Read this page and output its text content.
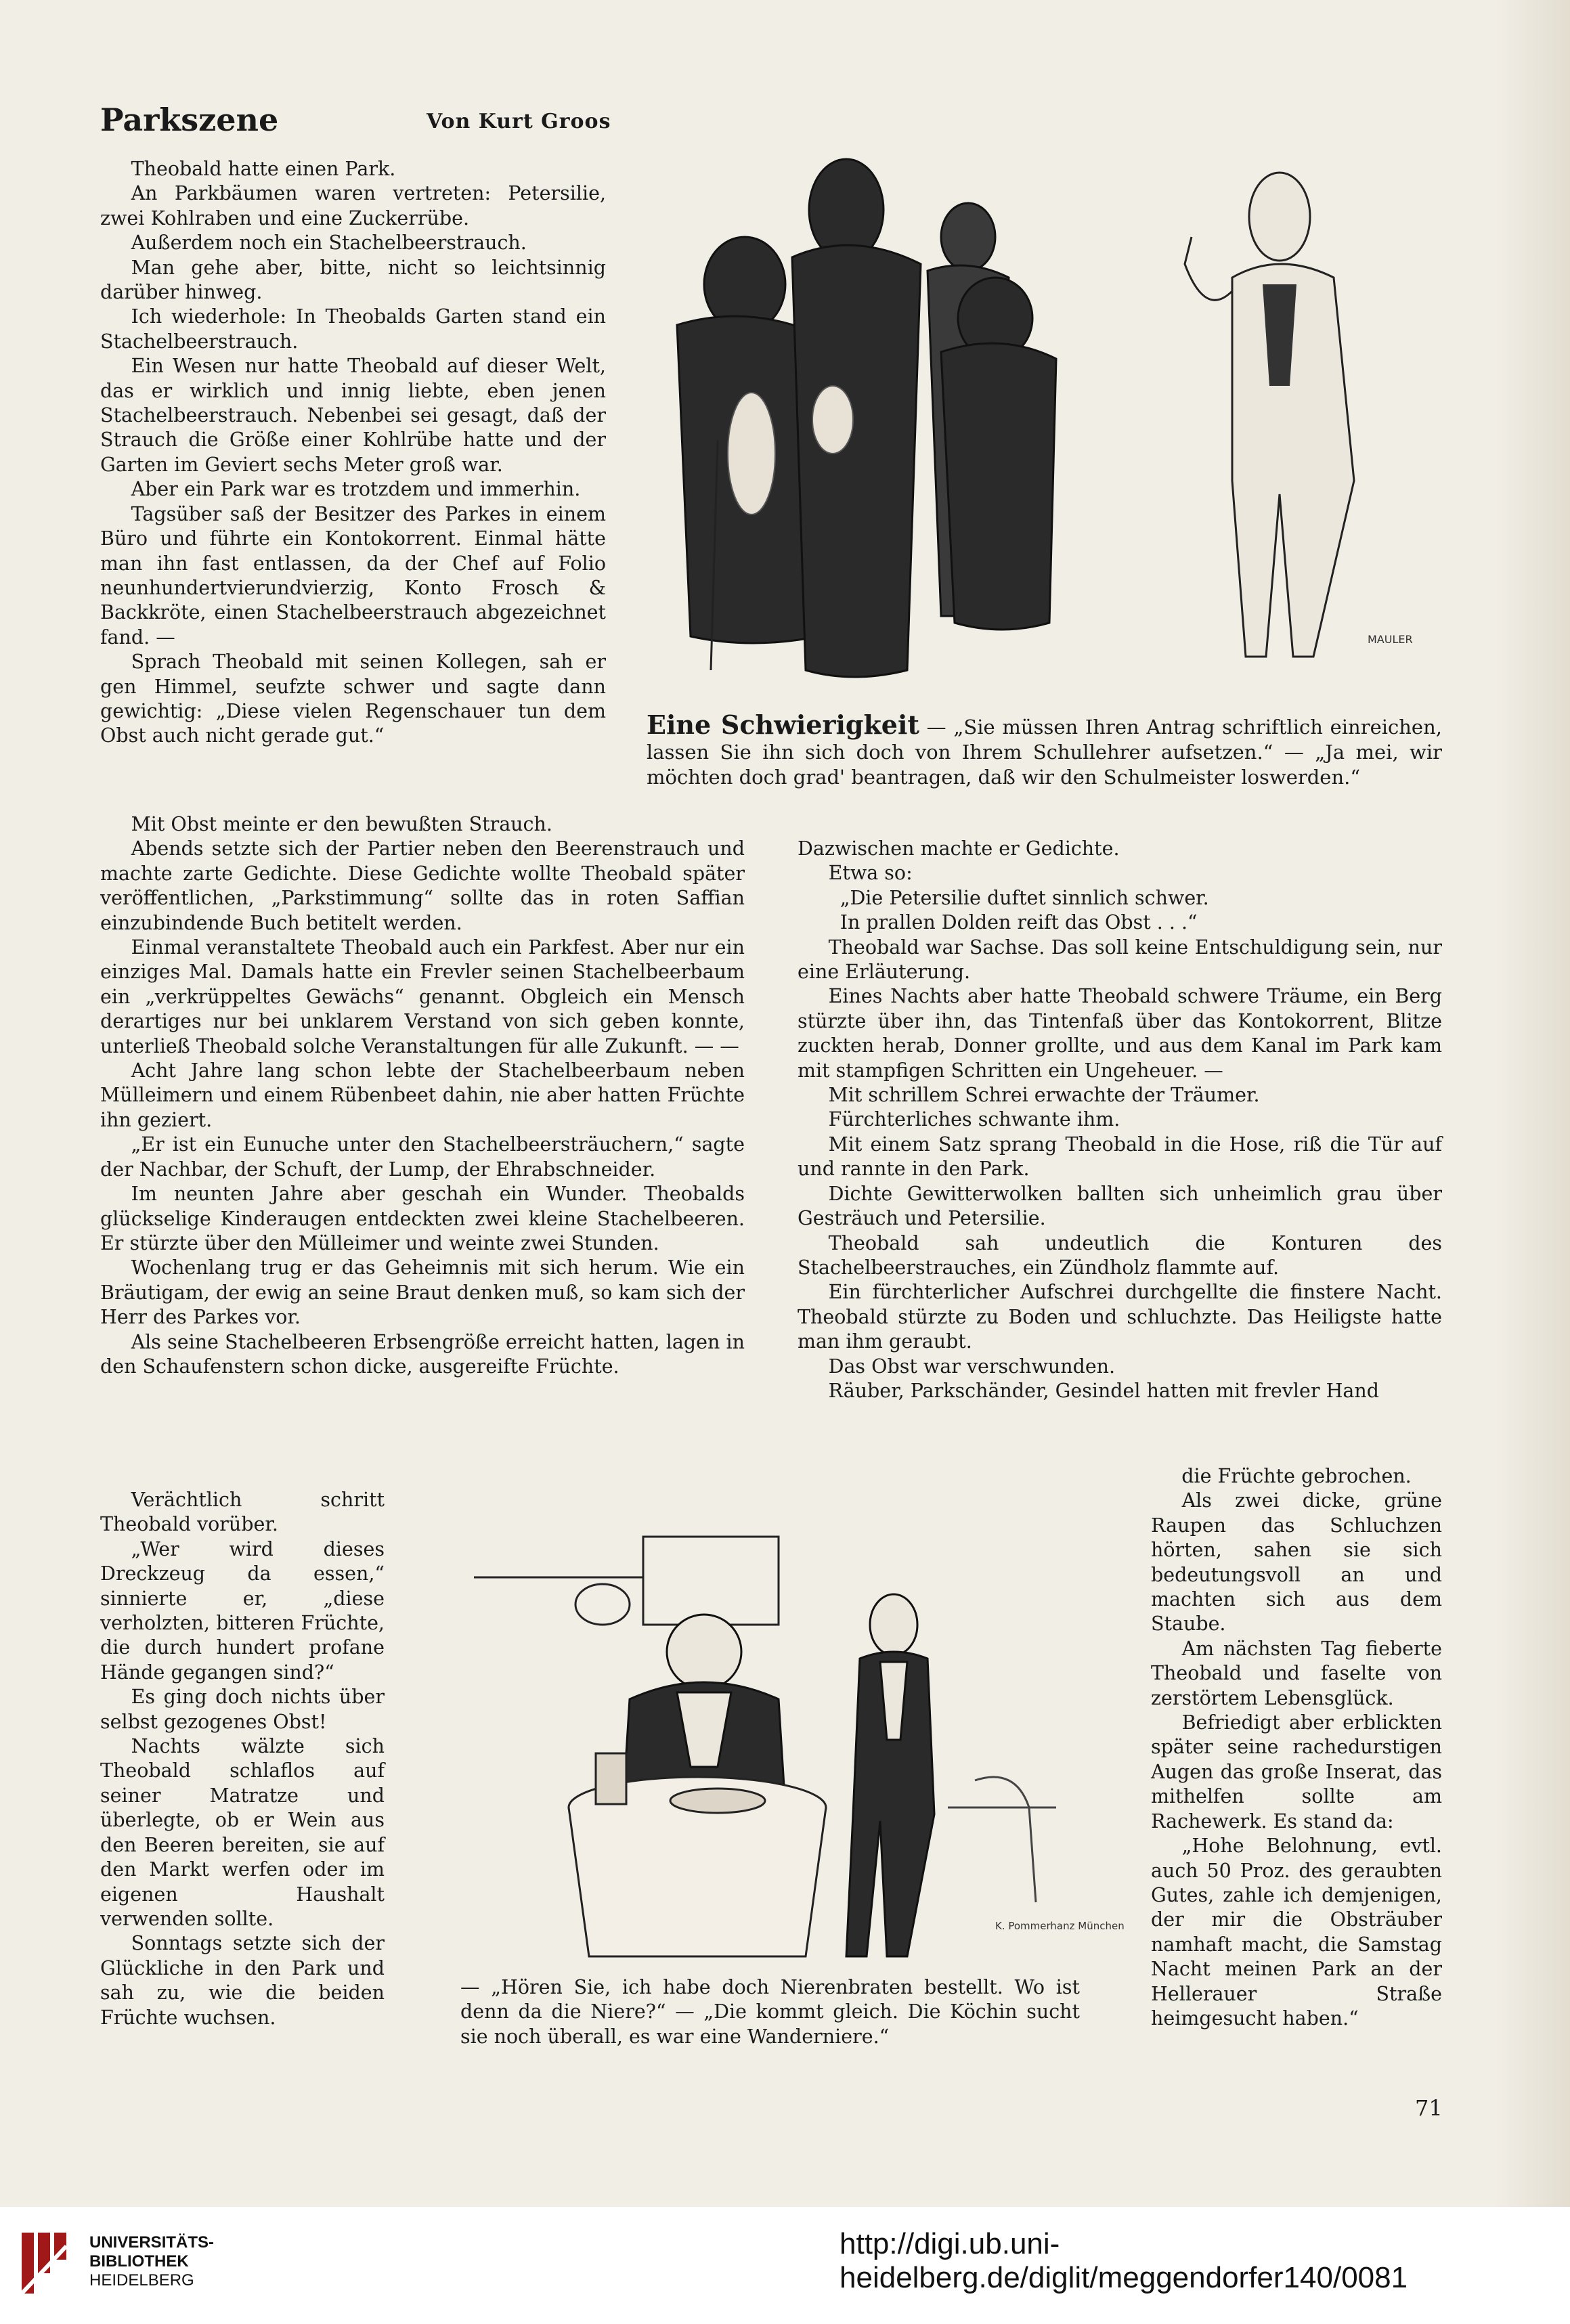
Parkszene	Von Kurt Groos

Theobald hatte einen Park.

An Parkbäumen waren vertreten: Petersilie, zwei Kohlraben und eine Zuckerrübe.

Außerdem noch ein Stachelbeerstrauch.

Man gehe aber, bitte, nicht so leichtsinnig darüber hinweg.

Ich wiederhole: In Theobalds Garten stand ein Stachelbeerstrauch.

Ein Wesen nur hatte Theobald auf dieser Welt, das er wirklich und innig liebte, eben jenen Stachelbeerstrauch. Nebenbei sei gesagt, daß der Strauch die Größe einer Kohlrübe hatte und der Garten im Geviert sechs Meter groß war.

Aber ein Park war es trotzdem und immerhin.

Tagsüber saß der Besitzer des Parkes in einem Büro und führte ein Kontokorrent. Einmal hätte man ihn fast entlassen, da der Chef auf Folio neunhundertvierundvierzig, Konto Frosch & Backkröte, einen Stachelbeerstrauch abgezeichnet fand. —

Sprach Theobald mit seinen Kollegen, sah er gen Himmel, seufzte schwer und sagte dann gewichtig: „Diese vielen Regenschauer tun dem Obst auch nicht gerade gut.“

MAULER
Eine Schwierigkeit — „Sie müssen Ihren Antrag schriftlich einreichen, lassen Sie ihn sich doch von Ihrem Schullehrer aufsetzen.“ — „Ja mei, wir möchten doch grad' beantragen, daß wir den Schulmeister loswerden.“

Mit Obst meinte er den bewußten Strauch.

Abends setzte sich der Partier neben den Beerenstrauch und machte zarte Gedichte. Diese Gedichte wollte Theobald später veröffentlichen, „Parkstimmung“ sollte das in roten Saffian einzubindende Buch betitelt werden.

Einmal veranstaltete Theobald auch ein Parkfest. Aber nur ein einziges Mal. Damals hatte ein Frevler seinen Stachelbeerbaum ein „verkrüppeltes Gewächs“ genannt. Obgleich ein Mensch derartiges nur bei unklarem Verstand von sich geben konnte, unterließ Theobald solche Veranstaltungen für alle Zukunft. — —

Acht Jahre lang schon lebte der Stachelbeerbaum neben Mülleimern und einem Rübenbeet dahin, nie aber hatten Früchte ihn geziert.

„Er ist ein Eunuche unter den Stachelbeersträuchern,“ sagte der Nachbar, der Schuft, der Lump, der Ehrabschneider.

Im neunten Jahre aber geschah ein Wunder. Theobalds glückselige Kinderaugen entdeckten zwei kleine Stachelbeeren. Er stürzte über den Mülleimer und weinte zwei Stunden.

Wochenlang trug er das Geheimnis mit sich herum. Wie ein Bräutigam, der ewig an seine Braut denken muß, so kam sich der Herr des Parkes vor.

Als seine Stachelbeeren Erbsengröße erreicht hatten, lagen in den Schaufenstern schon dicke, ausgereifte Früchte.

Dazwischen machte er Gedichte.

Etwa so:

„Die Petersilie duftet sinnlich schwer.

In prallen Dolden reift das Obst . . .“

Theobald war Sachse. Das soll keine Entschuldigung sein, nur eine Erläuterung.

Eines Nachts aber hatte Theobald schwere Träume, ein Berg stürzte über ihn, das Tintenfaß über das Kontokorrent, Blitze zuckten herab, Donner grollte, und aus dem Kanal im Park kam mit stampfigen Schritten ein Ungeheuer. —

Mit schrillem Schrei erwachte der Träumer.

Fürchterliches schwante ihm.

Mit einem Satz sprang Theobald in die Hose, riß die Tür auf und rannte in den Park.

Dichte Gewitterwolken ballten sich unheimlich grau über Gesträuch und Petersilie.

Theobald sah undeutlich die Konturen des Stachelbeerstrauches, ein Zündholz flammte auf.

Ein fürchterlicher Aufschrei durchgellte die finstere Nacht. Theobald stürzte zu Boden und schluchzte. Das Heiligste hatte man ihm geraubt.

Das Obst war verschwunden.

Räuber, Parkschänder, Gesindel hatten mit frevler Hand

Verächtlich schritt Theobald vorüber.

„Wer wird dieses Dreckzeug da essen,“ sinnierte er, „diese verholzten, bitteren Früchte, die durch hundert profane Hände gegangen sind?“

Es ging doch nichts über selbst gezogenes Obst!

Nachts wälzte sich Theobald schlaflos auf seiner Matratze und überlegte, ob er Wein aus den Beeren bereiten, sie auf den Markt werfen oder im eigenen Haushalt verwenden sollte.

Sonntags setzte sich der Glückliche in den Park und sah zu, wie die beiden Früchte wuchsen.

K. Pommerhanz München

die Früchte gebrochen.

Als zwei dicke, grüne Raupen das Schluchzen hörten, sahen sie sich bedeutungsvoll an und machten sich aus dem Staube.

Am nächsten Tag fieberte Theobald und faselte von zerstörtem Lebensglück.

Befriedigt aber erblickten später seine rachedurstigen Augen das große Inserat, das mithelfen sollte am Rachewerk. Es stand da:

„Hohe Belohnung, evtl. auch 50 Proz. des geraubten Gutes, zahle ich demjenigen, der mir die Obsträuber namhaft macht, die Samstag Nacht meinen Park an der Hellerauer Straße heimgesucht haben.“

— „Hören Sie, ich habe doch Nierenbraten bestellt. Wo ist denn da die Niere?“ — „Die kommt gleich. Die Köchin sucht sie noch überall, es war eine Wanderniere.“
71
UNIVERSITÄTS-
BIBLIOTHEK
HEIDELBERG
http://digi.ub.uni-heidelberg.de/diglit/meggendorfer140/0081
